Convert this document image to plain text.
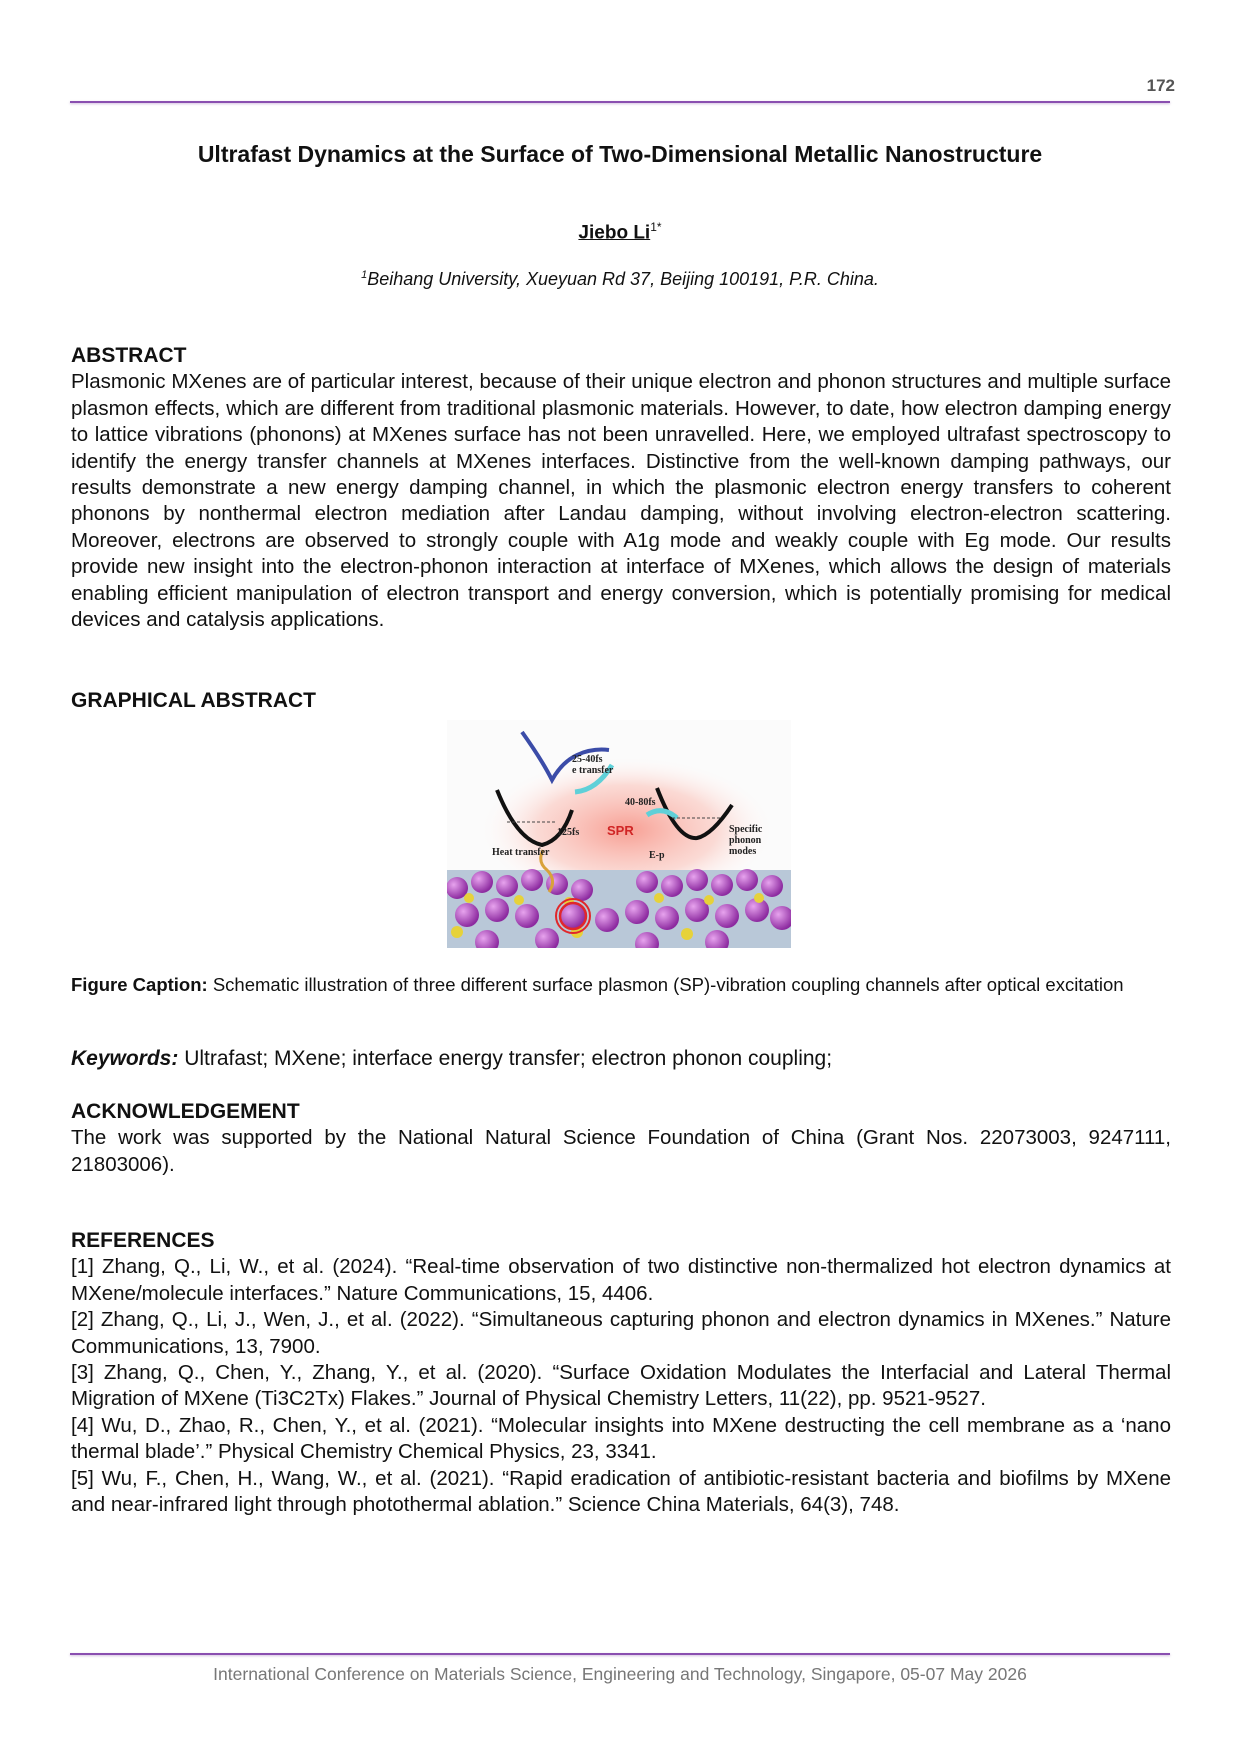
172
Ultrafast Dynamics at the Surface of Two-Dimensional Metallic Nanostructure
Jiebo $Li^{1*}$
$^1$Beihang University, Xueyuan Rd 37, Beijing 100191, P.R. China.
ABSTRACT
Plasmonic MXenes are of particular interest, because of their unique electron and phonon structures and multiple surface plasmon effects, which are different from traditional plasmonic materials. However, to date, how electron damping energy to lattice vibrations (phonons) at MXenes surface has not been unravelled. Here, we employed ultrafast spectroscopy to identify the energy transfer channels at MXenes interfaces. Distinctive from the well-known damping pathways, our results demonstrate a new energy damping channel, in which the plasmonic electron energy transfers to coherent phonons by nonthermal electron mediation after Landau damping, without involving electron-electron scattering. Moreover, electrons are observed to strongly couple with A1g mode and weakly couple with Eg mode. Our results provide new insight into the electron-phonon interaction at interface of MXenes, which allows the design of materials enabling efficient manipulation of electron transport and energy conversion, which is potentially promising for medical devices and catalysis applications.
GRAPHICAL ABSTRACT
25-40fs
e transfer
40-80fs
125fs
Heat transfer	E-p
Specific
phonon
modes
SPR
Figure Caption: Schematic illustration of three different surface plasmon (SP)-vibration coupling channels after optical excitation
Keywords: Ultrafast; MXene; interface energy transfer; electron phonon coupling;
ACKNOWLEDGEMENT
The work was supported by the National Natural Science Foundation of China (Grant Nos. 22073003, 9247111, 21803006).
REFERENCES

[1] Zhang, Q., Li, W., et al. (2024). “Real-time observation of two distinctive non-thermalized hot electron dynamics at MXene/molecule interfaces.” Nature Communications, 15, 4406.

[2] Zhang, Q., Li, J., Wen, J., et al. (2022). “Simultaneous capturing phonon and electron dynamics in MXenes.” Nature Communications, 13, 7900.

[3] Zhang, Q., Chen, Y., Zhang, Y., et al. (2020). “Surface Oxidation Modulates the Interfacial and Lateral Thermal Migration of MXene (Ti3C2Tx) Flakes.” Journal of Physical Chemistry Letters, 11(22), pp. 9521-9527.

[4] Wu, D., Zhao, R., Chen, Y., et al. (2021). “Molecular insights into MXene destructing the cell membrane as a ‘nano thermal blade’.” Physical Chemistry Chemical Physics, 23, 3341.

[5] Wu, F., Chen, H., Wang, W., et al. (2021). “Rapid eradication of antibiotic-resistant bacteria and biofilms by MXene and near-infrared light through photothermal ablation.” Science China Materials, 64(3), 748.

International Conference on Materials Science, Engineering and Technology, Singapore, 05-07 May 2026
